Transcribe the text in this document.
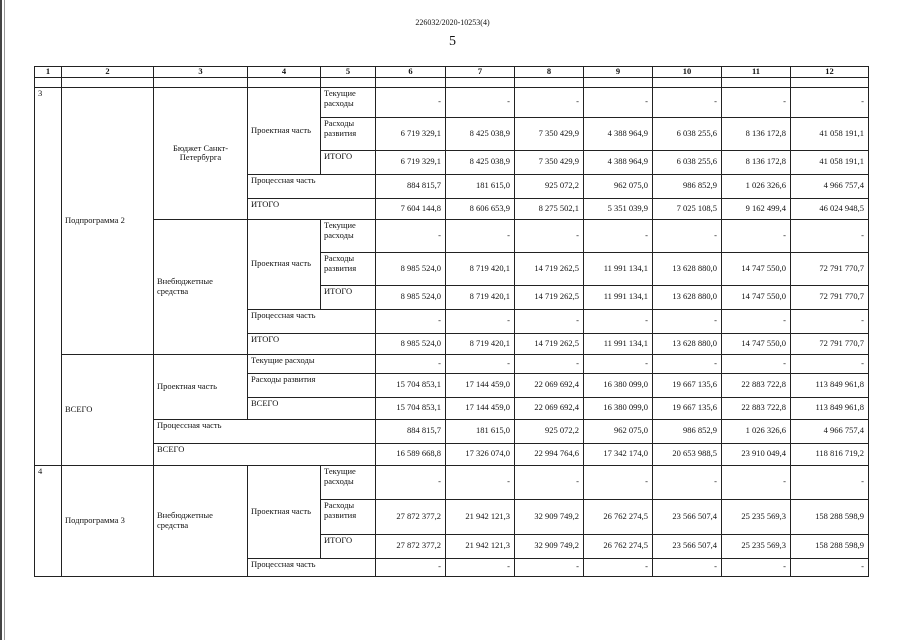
226032/2020-10253(4)
5
1	2	3	4	5	6	7	8	9	10	11	12

3	Подпрограмма 2	Бюджет Санкт-Петербурга	Проектная часть	Текущие расходы	-	-	-	-	-	-	-
				Расходы развития	6 719 329,1	8 425 038,9	7 350 429,9	4 388 964,9	6 038 255,6	8 136 172,8	41 058 191,1
				ИТОГО	6 719 329,1	8 425 038,9	7 350 429,9	4 388 964,9	6 038 255,6	8 136 172,8	41 058 191,1
			Процессная часть		884 815,7	181 615,0	925 072,2	962 075,0	986 852,9	1 026 326,6	4 966 757,4
			ИТОГО		7 604 144,8	8 606 653,9	8 275 502,1	5 351 039,9	7 025 108,5	9 162 499,4	46 024 948,5
		Внебюджетные средства	Проектная часть	Текущие расходы	-	-	-	-	-	-	-
				Расходы развития	8 985 524,0	8 719 420,1	14 719 262,5	11 991 134,1	13 628 880,0	14 747 550,0	72 791 770,7
				ИТОГО	8 985 524,0	8 719 420,1	14 719 262,5	11 991 134,1	13 628 880,0	14 747 550,0	72 791 770,7
			Процессная часть		-	-	-	-	-	-	-
			ИТОГО		8 985 524,0	8 719 420,1	14 719 262,5	11 991 134,1	13 628 880,0	14 747 550,0	72 791 770,7
	ВСЕГО	Проектная часть	Текущие расходы		-	-	-	-	-	-	-
			Расходы развития		15 704 853,1	17 144 459,0	22 069 692,4	16 380 099,0	19 667 135,6	22 883 722,8	113 849 961,8
			ВСЕГО		15 704 853,1	17 144 459,0	22 069 692,4	16 380 099,0	19 667 135,6	22 883 722,8	113 849 961,8
		Процессная часть			884 815,7	181 615,0	925 072,2	962 075,0	986 852,9	1 026 326,6	4 966 757,4
		ВСЕГО			16 589 668,8	17 326 074,0	22 994 764,6	17 342 174,0	20 653 988,5	23 910 049,4	118 816 719,2
4	Подпрограмма 3	Внебюджетные средства	Проектная часть	Текущие расходы	-	-	-	-	-	-	-
				Расходы развития	27 872 377,2	21 942 121,3	32 909 749,2	26 762 274,5	23 566 507,4	25 235 569,3	158 288 598,9
				ИТОГО	27 872 377,2	21 942 121,3	32 909 749,2	26 762 274,5	23 566 507,4	25 235 569,3	158 288 598,9
			Процессная часть		-	-	-	-	-	-	-
